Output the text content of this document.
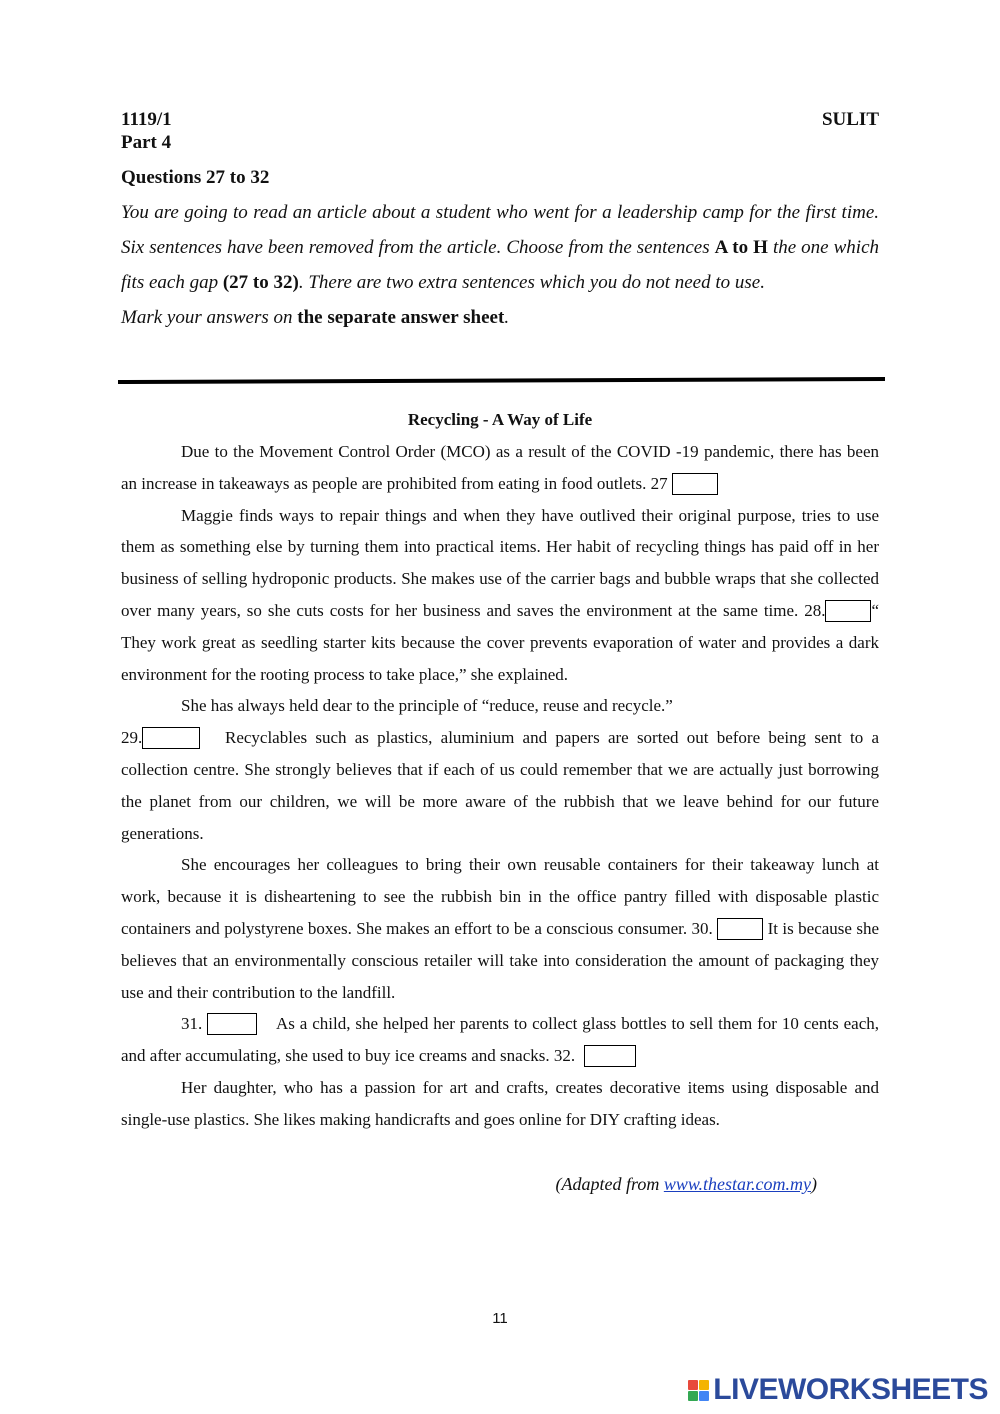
1119/1	SULIT
Part 4
Questions 27 to 32
You are going to read an article about a student who went for a leadership camp for the first time. Six sentences have been removed from the article. Choose from the sentences A to H the one which fits each gap (27 to 32). There are two extra sentences which you do not need to use.
Mark your answers on the separate answer sheet.
Recycling - A Way of Life

Due to the Movement Control Order (MCO) as a result of the COVID -19 pandemic, there has been an increase in takeaways as people are prohibited from eating in food outlets. 27

Maggie finds ways to repair things and when they have outlived their original purpose, tries to use them as something else by turning them into practical items. Her habit of recycling things has paid off in her business of selling hydroponic products. She makes use of the carrier bags and bubble wraps that she collected over many years, so she cuts costs for her business and saves the environment at the same time. 28.	“ They work great as seedling starter kits because the cover prevents evaporation of water and provides a dark environment for the rooting process to take place,” she explained.

She has always held dear to the principle of “reduce, reuse and recycle.”

29.	Recyclables such as plastics, aluminium and papers are sorted out before being sent to a collection centre. She strongly believes that if each of us could remember that we are actually just borrowing the planet from our children, we will be more aware of the rubbish that we leave behind for our future generations.

She encourages her colleagues to bring their own reusable containers for their takeaway lunch at work, because it is disheartening to see the rubbish bin in the office pantry filled with disposable plastic containers and polystyrene boxes. She makes an effort to be a conscious consumer. 30.	It is because she believes that an environmentally conscious retailer will take into consideration the amount of packaging they use and their contribution to the landfill.

31.	As a child, she helped her parents to collect glass bottles to sell them for 10 cents each, and after accumulating, she used to buy ice creams and snacks. 32.

Her daughter, who has a passion for art and crafts, creates decorative items using disposable and single-use plastics. She likes making handicrafts and goes online for DIY crafting ideas.

(Adapted from www.thestar.com.my)
11
LIVEWORKSHEETS
